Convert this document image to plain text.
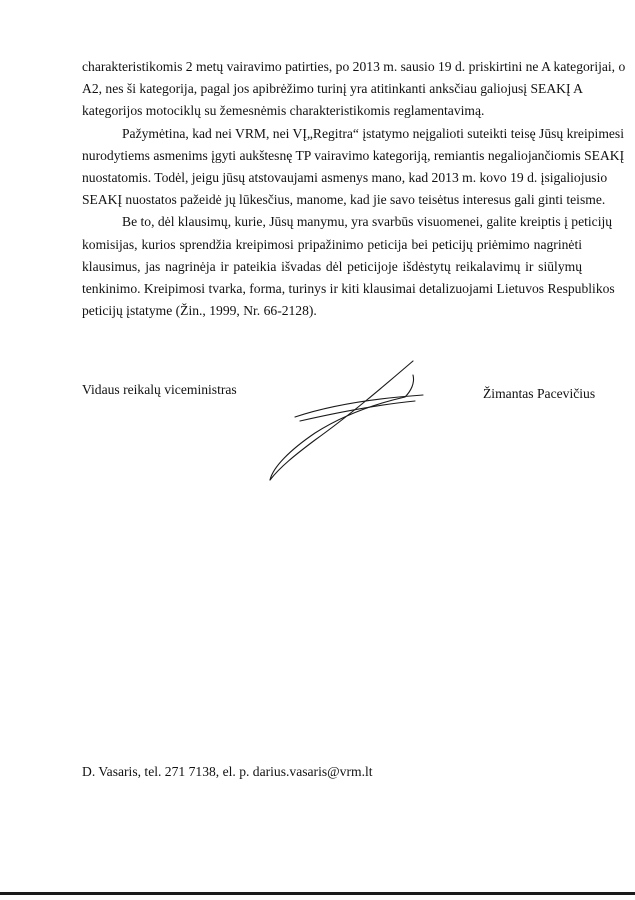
charakteristikomis 2 metų vairavimo patirties, po 2013 m. sausio 19 d. priskirtini ne A kategorijai, o
A2, nes ši kategorija, pagal jos apibrėžimo turinį yra atitinkanti anksčiau galiojusį SEAKĮ A
kategorijos motociklų su žemesnėmis charakteristikomis reglamentavimą.
Pažymėtina, kad nei VRM, nei VĮ„Regitra“ įstatymo neįgalioti suteikti teisę Jūsų kreipimesi
nurodytiems asmenims įgyti aukštesnę TP vairavimo kategoriją, remiantis negaliojančiomis SEAKĮ
nuostatomis. Todėl, jeigu jūsų atstovaujami asmenys mano, kad 2013 m. kovo 19 d. įsigaliojusio
SEAKĮ nuostatos pažeidė jų lūkesčius, manome, kad jie savo teisėtus interesus gali ginti teisme.
Be to, dėl klausimų, kurie, Jūsų manymu, yra svarbūs visuomenei, galite kreiptis į peticijų
komisijas, kurios sprendžia kreipimosi pripažinimo peticija bei peticijų priėmimo nagrinėti
klausimus, jas nagrinėja ir pateikia išvadas dėl peticijoje išdėstytų reikalavimų ir siūlymų
tenkinimo. Kreipimosi tvarka, forma, turinys ir kiti klausimai detalizuojami Lietuvos Respublikos
peticijų įstatyme (Žin., 1999, Nr. 66-2128).
Vidaus reikalų viceministras	Žimantas Pacevičius
D. Vasaris, tel. 271 7138, el. p. darius.vasaris@vrm.lt
